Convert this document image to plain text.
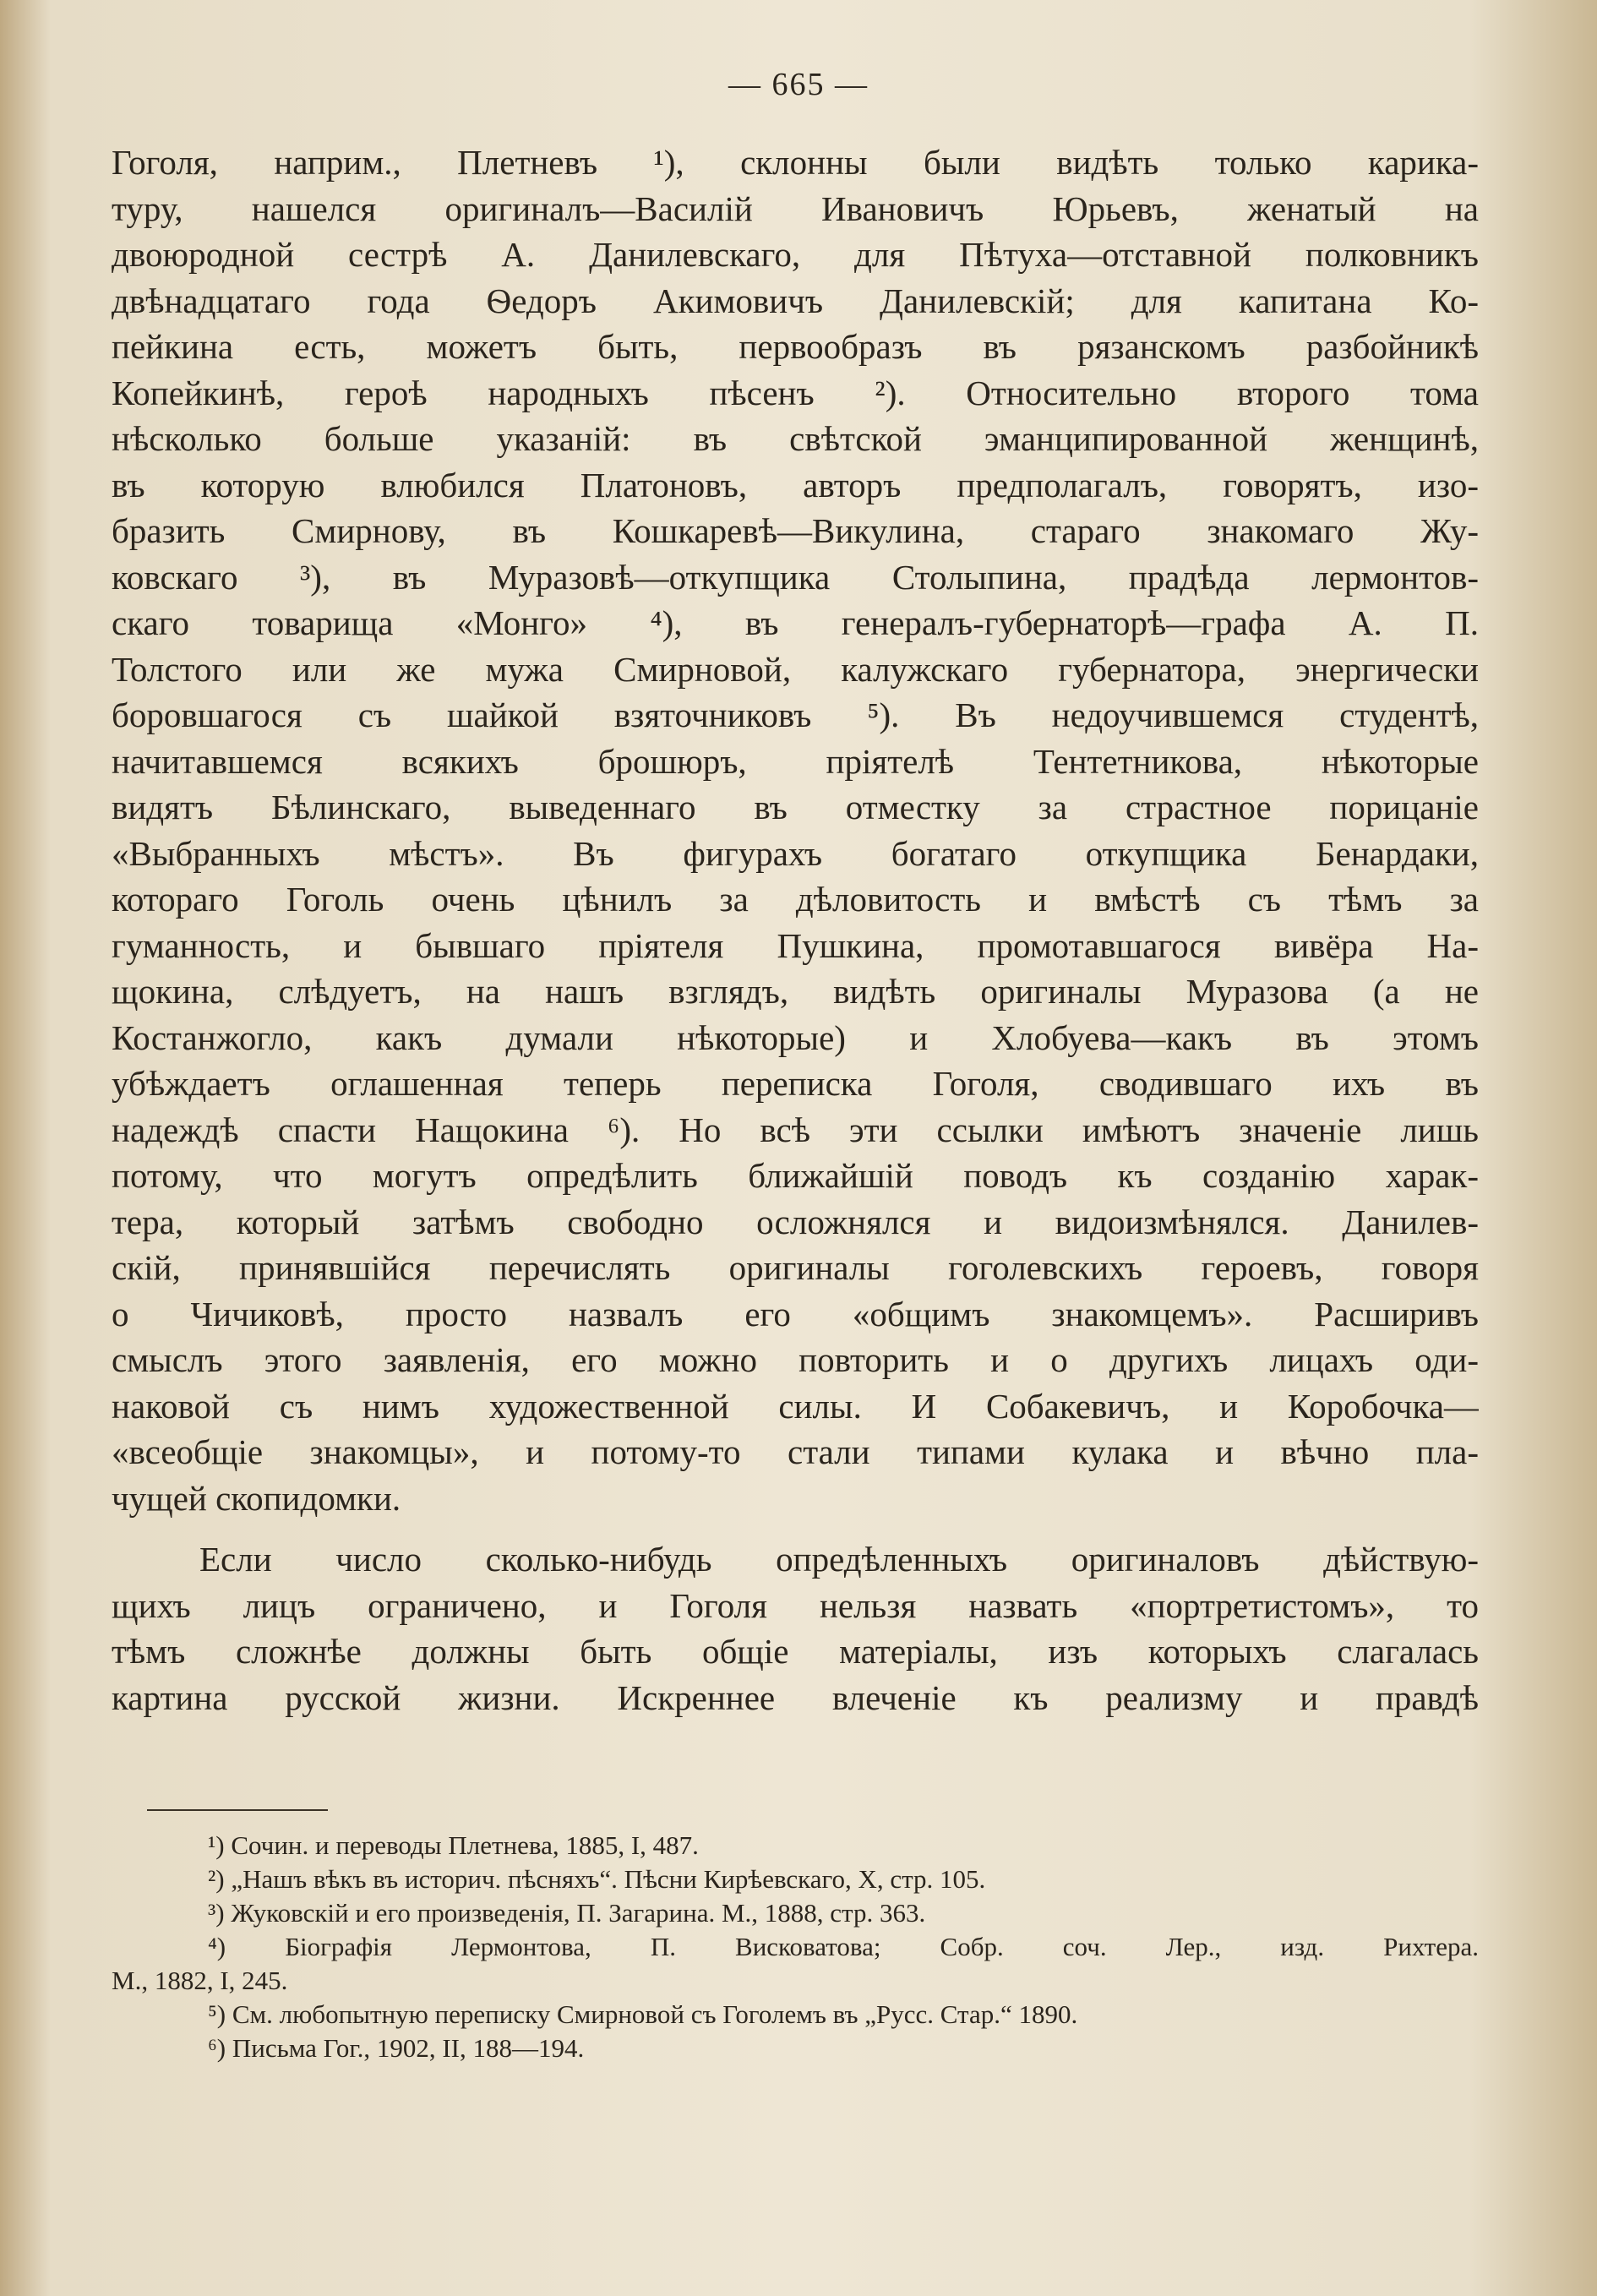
— 665 —
Гоголя, наприм., Плетневъ ¹), склонны были видѣть только карика-
туру, нашелся оригиналъ—Василій Ивановичъ Юрьевъ, женатый на
двоюродной сестрѣ А. Данилевскаго, для Пѣтуха—отставной полковникъ
двѣнадцатаго года Ѳедоръ Акимовичъ Данилевскій; для капитана Ко-
пейкина есть, можетъ быть, первообразъ въ рязанскомъ разбойникѣ
Копейкинѣ, героѣ народныхъ пѣсенъ ²). Относительно второго тома
нѣсколько больше указаній: въ свѣтской эманципированной женщинѣ,
въ которую влюбился Платоновъ, авторъ предполагалъ, говорятъ, изо-
бразить Смирнову, въ Кошкаревѣ—Викулина, стараго знакомаго Жу-
ковскаго ³), въ Муразовѣ—откупщика Столыпина, прадѣда лермонтов-
скаго товарища «Монго» ⁴), въ генералъ-губернаторѣ—графа А. П.
Толстого или же мужа Смирновой, калужскаго губернатора, энергически
боровшагося съ шайкой взяточниковъ ⁵). Въ недоучившемся студентѣ,
начитавшемся всякихъ брошюръ, пріятелѣ Тентетникова, нѣкоторые
видятъ Бѣлинскаго, выведеннаго въ отместку за страстное порицаніе
«Выбранныхъ мѣстъ». Въ фигурахъ богатаго откупщика Бенардаки,
котораго Гоголь очень цѣнилъ за дѣловитость и вмѣстѣ съ тѣмъ за
гуманность, и бывшаго пріятеля Пушкина, промотавшагося вивёра На-
щокина, слѣдуетъ, на нашъ взглядъ, видѣть оригиналы Муразова (а не
Костанжогло, какъ думали нѣкоторые) и Хлобуева—какъ въ этомъ
убѣждаетъ оглашенная теперь переписка Гоголя, сводившаго ихъ въ
надеждѣ спасти Нащокина ⁶). Но всѣ эти ссылки имѣютъ значеніе лишь
потому, что могутъ опредѣлить ближайшій поводъ къ созданію харак-
тера, который затѣмъ свободно осложнялся и видоизмѣнялся. Данилев-
скій, принявшійся перечислять оригиналы гоголевскихъ героевъ, говоря
о Чичиковѣ, просто назвалъ его «общимъ знакомцемъ». Расширивъ
смыслъ этого заявленія, его можно повторить и о другихъ лицахъ оди-
наковой съ нимъ художественной силы. И Собакевичъ, и Коробочка—
«всеобщіе знакомцы», и потому-то стали типами кулака и вѣчно пла-
чущей скопидомки.
Если число сколько-нибудь опредѣленныхъ оригиналовъ дѣйствую-
щихъ лицъ ограничено, и Гоголя нельзя назвать «портретистомъ», то
тѣмъ сложнѣе должны быть общіе матеріалы, изъ которыхъ слагалась
картина русской жизни. Искреннее влеченіе къ реализму и правдѣ
¹) Сочин. и переводы Плетнева, 1885, I, 487.
²) „Нашъ вѣкъ въ историч. пѣсняхъ“. Пѣсни Кирѣевскаго, X, стр. 105.
³) Жуковскій и его произведенія, П. Загарина. М., 1888, стр. 363.
⁴) Біографія Лермонтова, П. Висковатова; Собр. соч. Лер., изд. Рихтера.
М., 1882, I, 245.
⁵) См. любопытную переписку Смирновой съ Гоголемъ въ „Русс. Стар.“ 1890.
⁶) Письма Гог., 1902, II, 188—194.
